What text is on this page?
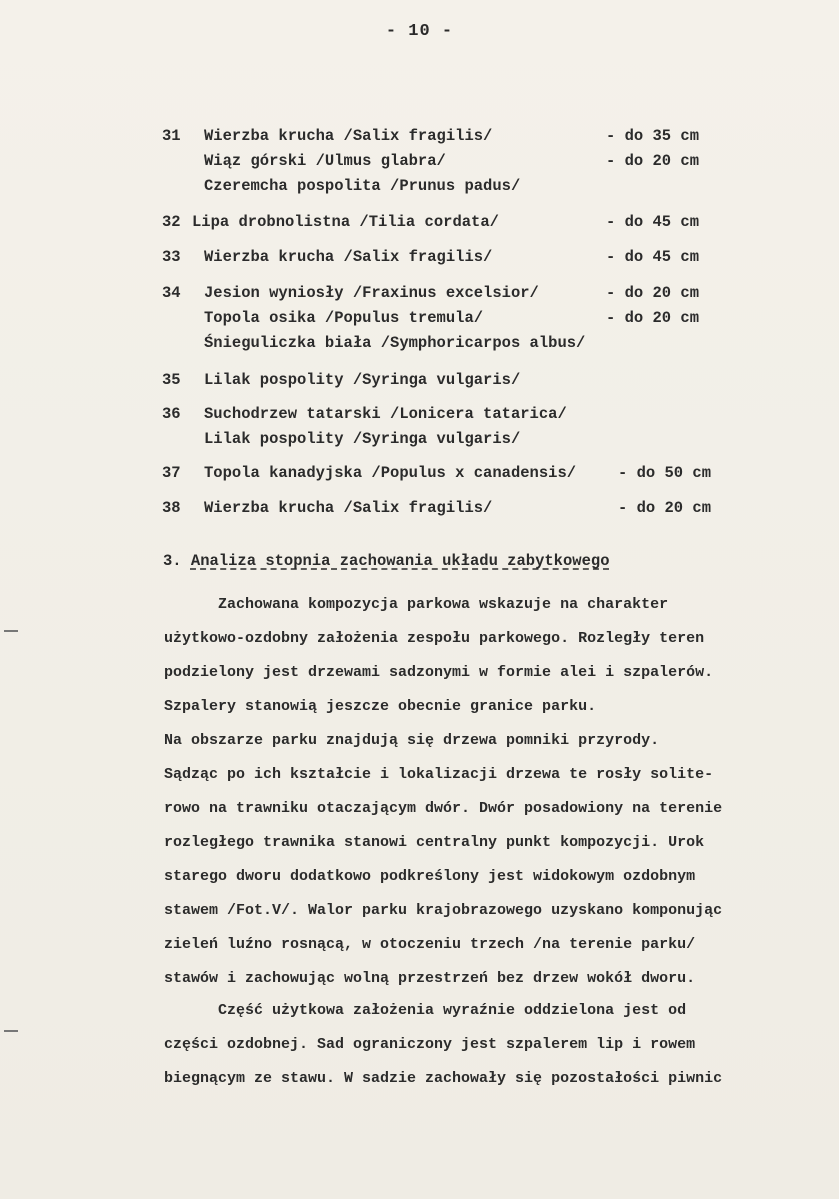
- 10 -
31 Wierzba krucha /Salix fragilis/	- do 35 cm
Wiąz górski /Ulmus glabra/	- do 20 cm
Czeremcha pospolita /Prunus padus/
32 Lipa drobnolistna /Tilia cordata/	- do 45 cm
33 Wierzba krucha /Salix fragilis/	- do 45 cm
34 Jesion wyniosły /Fraxinus excelsior/	- do 20 cm
Topola osika /Populus tremula/	- do 20 cm
Śnieguliczka biała /Symphoricarpos albus/
35 Lilak pospolity /Syringa vulgaris/
36 Suchodrzew tatarski /Lonicera tatarica/
Lilak pospolity /Syringa vulgaris/
37 Topola kanadyjska /Populus x canadensis/	- do 50 cm
38 Wierzba krucha /Salix fragilis/	- do 20 cm
3. Analiza stopnia zachowania układu zabytkowego
Zachowana kompozycja parkowa wskazuje na charakter
użytkowo-ozdobny założenia zespołu parkowego. Rozległy teren
podzielony jest drzewami sadzonymi w formie alei i szpalerów.
Szpalery stanowią jeszcze obecnie granice parku.
Na obszarze parku znajdują się drzewa pomniki przyrody.
Sądząc po ich kształcie i lokalizacji drzewa te rosły solite-
rowo na trawniku otaczającym dwór. Dwór posadowiony na terenie
rozległego trawnika stanowi centralny punkt kompozycji. Urok
starego dworu dodatkowo podkreślony jest widokowym ozdobnym
stawem /Fot.V/. Walor parku krajobrazowego uzyskano komponując
zieleń luźno rosnącą, w otoczeniu trzech /na terenie parku/
stawów i zachowując wolną przestrzeń bez drzew wokół dworu.
Część użytkowa założenia wyraźnie oddzielona jest od
części ozdobnej. Sad ograniczony jest szpalerem lip i rowem
biegnącym ze stawu. W sadzie zachowały się pozostałości piwnic
